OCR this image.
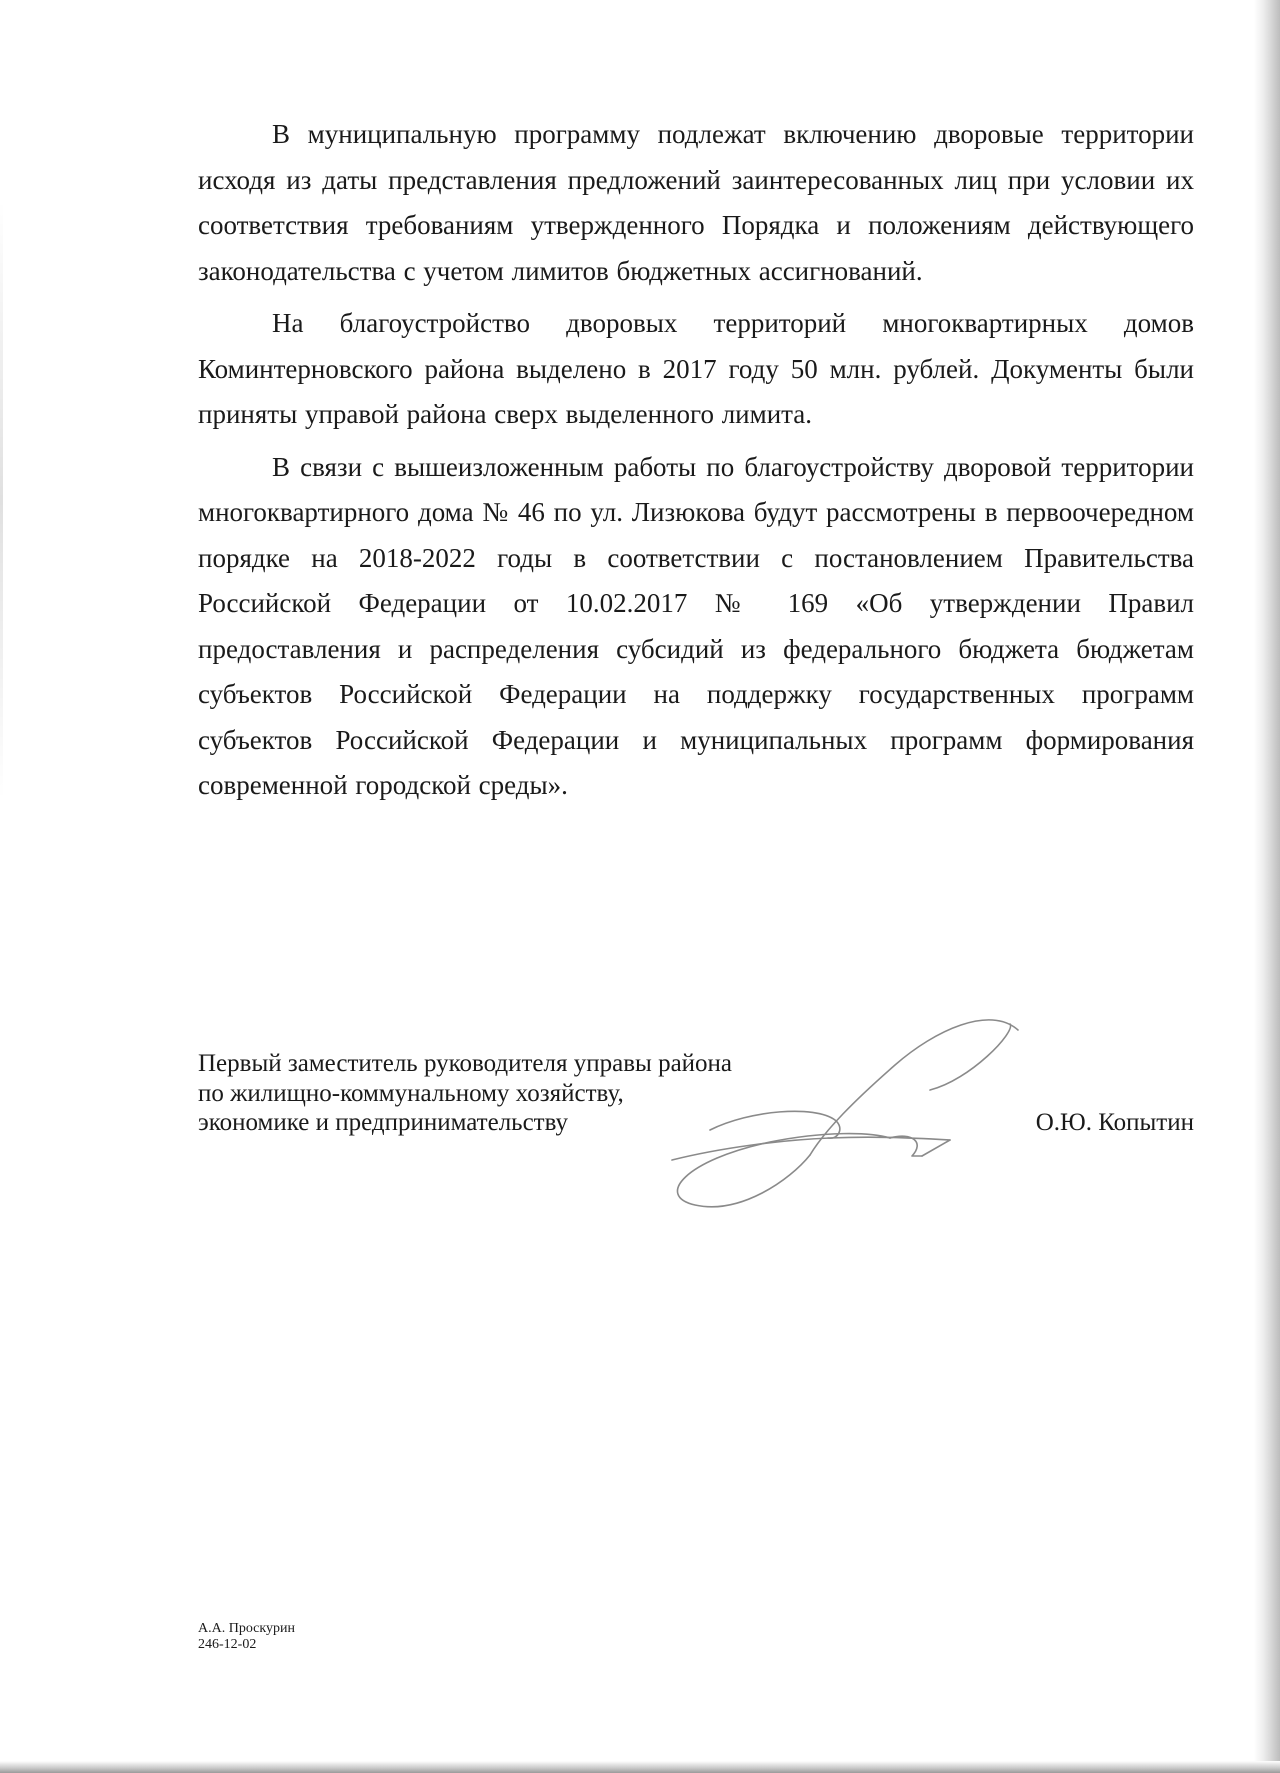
В муниципальную программу подлежат включению дворовые территории исходя из даты представления предложений заинтересованных лиц при условии их соответствия требованиям утвержденного Порядка и положениям действующего законодательства с учетом лимитов бюджетных ассигнований.

На благоустройство дворовых территорий многоквартирных домов Коминтерновского района выделено в 2017 году 50 млн. рублей. Документы были приняты управой района сверх выделенного лимита.

В связи с вышеизложенным работы по благоустройству дворовой территории многоквартирного дома № 46 по ул. Лизюкова будут рассмотрены в первоочередном порядке на 2018-2022 годы в соответствии с постановлением Правительства Российской Федерации от 10.02.2017 № 169 «Об утверждении Правил предоставления и распределения субсидий из федерального бюджета бюджетам субъектов Российской Федерации на поддержку государственных программ субъектов Российской Федерации и муниципальных программ формирования современной городской среды».

Первый заместитель руководителя управы района
по жилищно-коммунальному хозяйству,
экономике и предпринимательству	О.Ю. Копытин
А.А. Проскурин
246-12-02
